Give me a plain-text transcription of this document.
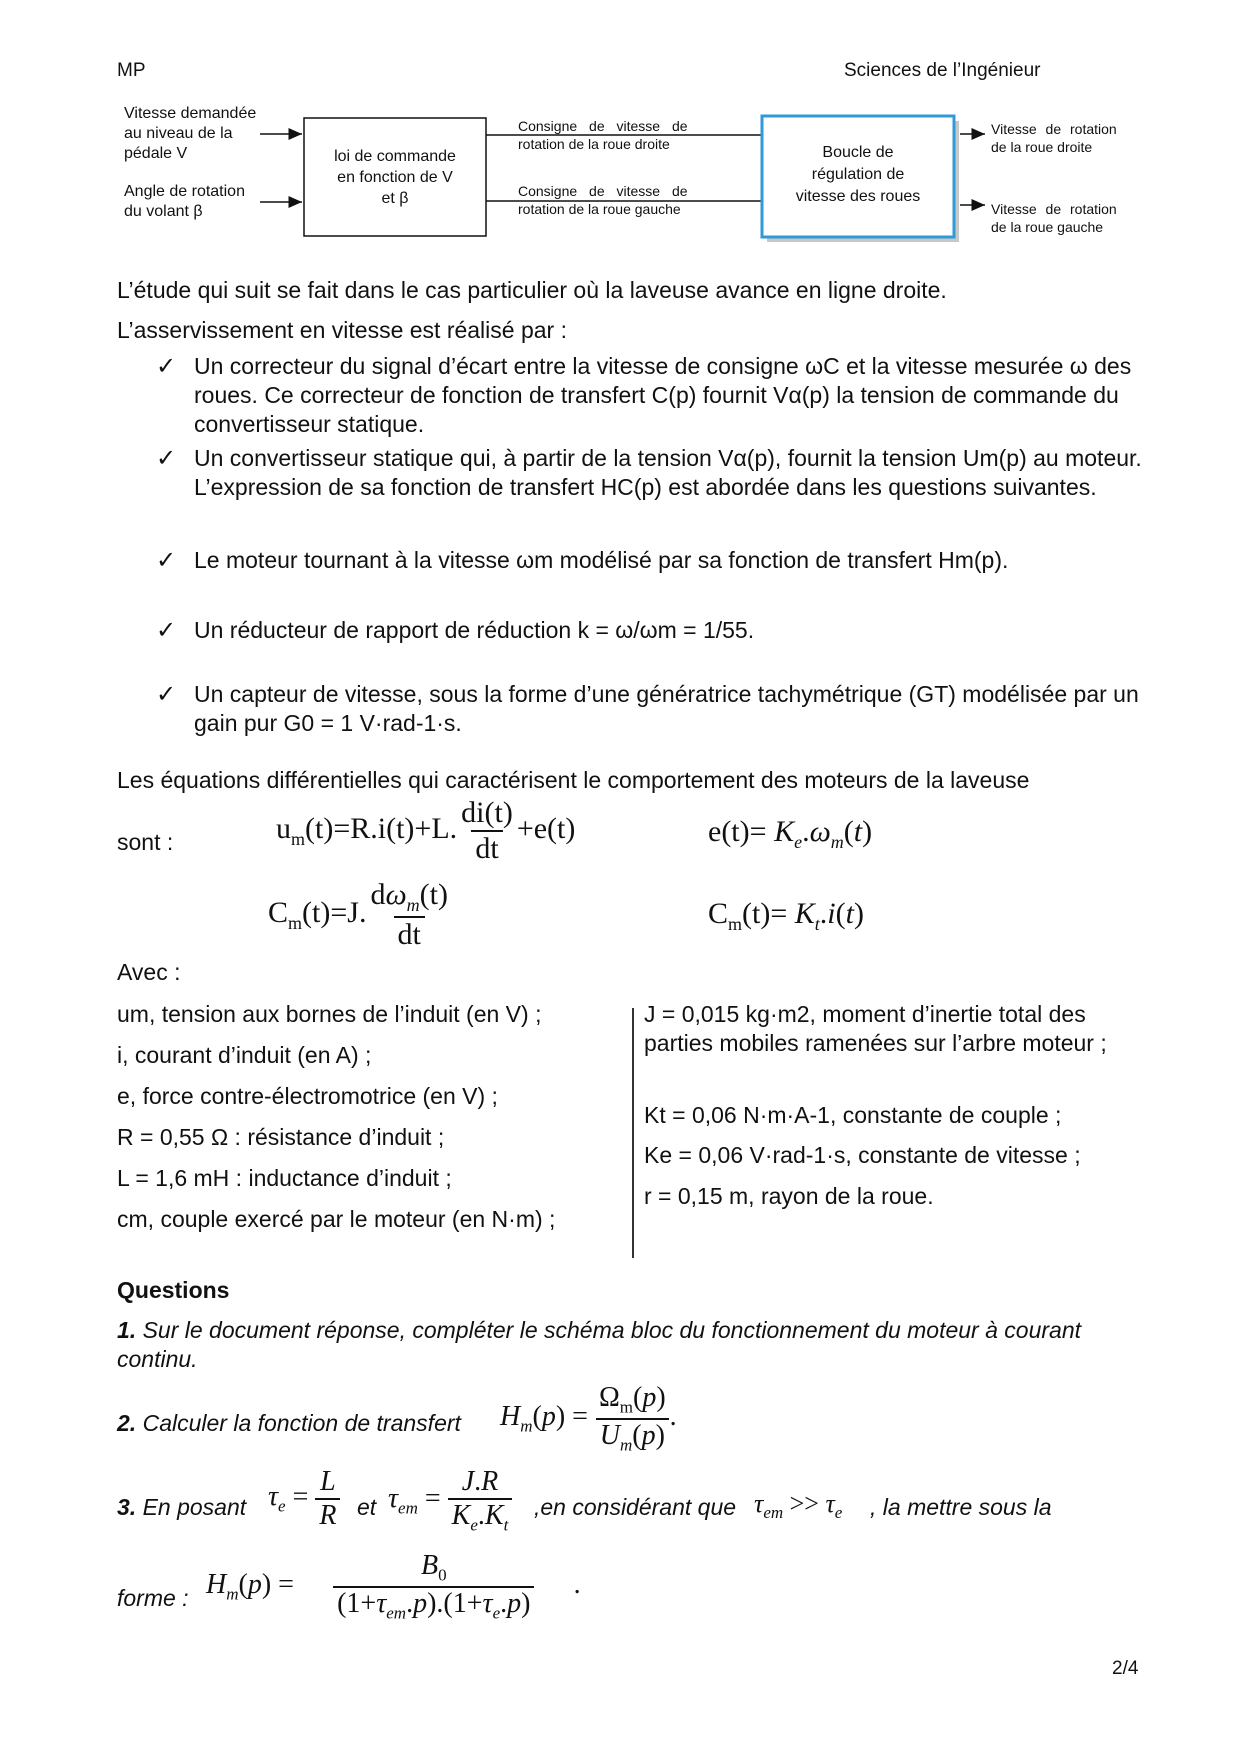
MP	Sciences de l’Ingénieur
Vitesse demandée
au niveau de la
pédale V
Angle de rotation
du volant β
loi de commande
en fonction de V
et β
Consigne de vitesse de
rotation de la roue droite
Consigne de vitesse de
rotation de la roue gauche
Boucle de
régulation de
vitesse des roues
Vitesse de rotation
de la roue droite
Vitesse de rotation
de la roue gauche
L’étude qui suit se fait dans le cas particulier où la laveuse avance en ligne droite.
L’asservissement en vitesse est réalisé par :
✓ Un correcteur du signal d’écart entre la vitesse de consigne ωC et la vitesse mesurée ω des roues. Ce correcteur de fonction de transfert C(p) fournit Vα(p) la tension de commande du convertisseur statique.
✓ Un convertisseur statique qui, à partir de la tension Vα(p), fournit la tension Um(p) au moteur. L’expression de sa fonction de transfert HC(p) est abordée dans les questions suivantes.
✓ Le moteur tournant à la vitesse ωm modélisé par sa fonction de transfert Hm(p).
✓ Un réducteur de rapport de réduction k = ω/ωm = 1/55.
✓ Un capteur de vitesse, sous la forme d’une génératrice tachymétrique (GT) modélisée par un gain pur G0 = 1 V·rad-1·s.
Les équations différentielles qui caractérisent le comportement des moteurs de la laveuse
sont :	$u_m(t)=R.i(t)+L$. $\frac{di(t)}{dt} +e(t)$	$e(t)= K_e.\omega_m(t)$
$C_m(t)=J$. $\frac{d\omega_m(t)}{dt}$	$C_m(t)= K_t.i(t)$
Avec :
um, tension aux bornes de l’induit (en V) ;
i, courant d’induit (en A) ;
e, force contre-électromotrice (en V) ;
R = 0,55 Ω : résistance d’induit ;
L = 1,6 mH : inductance d’induit ;
cm, couple exercé par le moteur (en N·m) ;
J = 0,015 kg·m2, moment d’inertie total des parties mobiles ramenées sur l’arbre moteur ;
Kt = 0,06 N·m·A-1, constante de couple ;
Ke = 0,06 V·rad-1·s, constante de vitesse ;
r = 0,15 m, rayon de la roue.
Questions
1. Sur le document réponse, compléter le schéma bloc du fonctionnement du moteur à courant continu.
2. Calculer la fonction de transfert $H_m(p) = \frac{\Omega_m(p)}{U_m(p)}$ .
3. En posant $\tau_e = \frac{L}{R}$ et $\tau_{em} = \frac{J.R}{K_e.K_t} ,en$ considérant que $\tau_{em} >> \tau_e$ , la mettre sous la
forme : $H_m(p) = \frac{B_0}{(1+\tau_{em}.p).(1+\tau_e.p)}$ .
2/4
